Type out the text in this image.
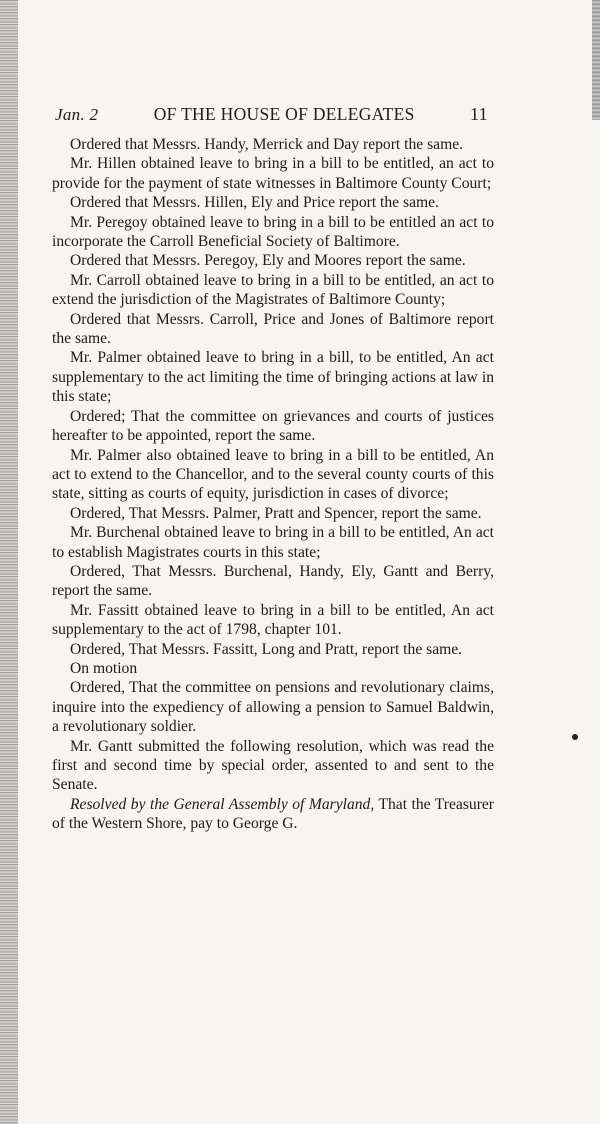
Jan. 2	OF THE HOUSE OF DELEGATES	11

Ordered that Messrs. Handy, Merrick and Day report the same.

Mr. Hillen obtained leave to bring in a bill to be entitled, an act to provide for the payment of state witnesses in Baltimore County Court;

Ordered that Messrs. Hillen, Ely and Price report the same.

Mr. Peregoy obtained leave to bring in a bill to be entitled an act to incorporate the Carroll Beneficial Society of Baltimore.

Ordered that Messrs. Peregoy, Ely and Moores report the same.

Mr. Carroll obtained leave to bring in a bill to be entitled, an act to extend the jurisdiction of the Magistrates of Baltimore County;

Ordered that Messrs. Carroll, Price and Jones of Baltimore report the same.

Mr. Palmer obtained leave to bring in a bill, to be entitled, An act supplementary to the act limiting the time of bringing actions at law in this state;

Ordered; That the committee on grievances and courts of justices hereafter to be appointed, report the same.

Mr. Palmer also obtained leave to bring in a bill to be entitled, An act to extend to the Chancellor, and to the several county courts of this state, sitting as courts of equity, jurisdiction in cases of divorce;

Ordered, That Messrs. Palmer, Pratt and Spencer, report the same.

Mr. Burchenal obtained leave to bring in a bill to be entitled, An act to establish Magistrates courts in this state;

Ordered, That Messrs. Burchenal, Handy, Ely, Gantt and Berry, report the same.

Mr. Fassitt obtained leave to bring in a bill to be entitled, An act supplementary to the act of 1798, chapter 101.

Ordered, That Messrs. Fassitt, Long and Pratt, report the same.

On motion

Ordered, That the committee on pensions and revolutionary claims, inquire into the expediency of allowing a pension to Samuel Baldwin, a revolutionary soldier.

Mr. Gantt submitted the following resolution, which was read the first and second time by special order, assented to and sent to the Senate.

Resolved by the General Assembly of Maryland, That the Treasurer of the Western Shore, pay to George G.
